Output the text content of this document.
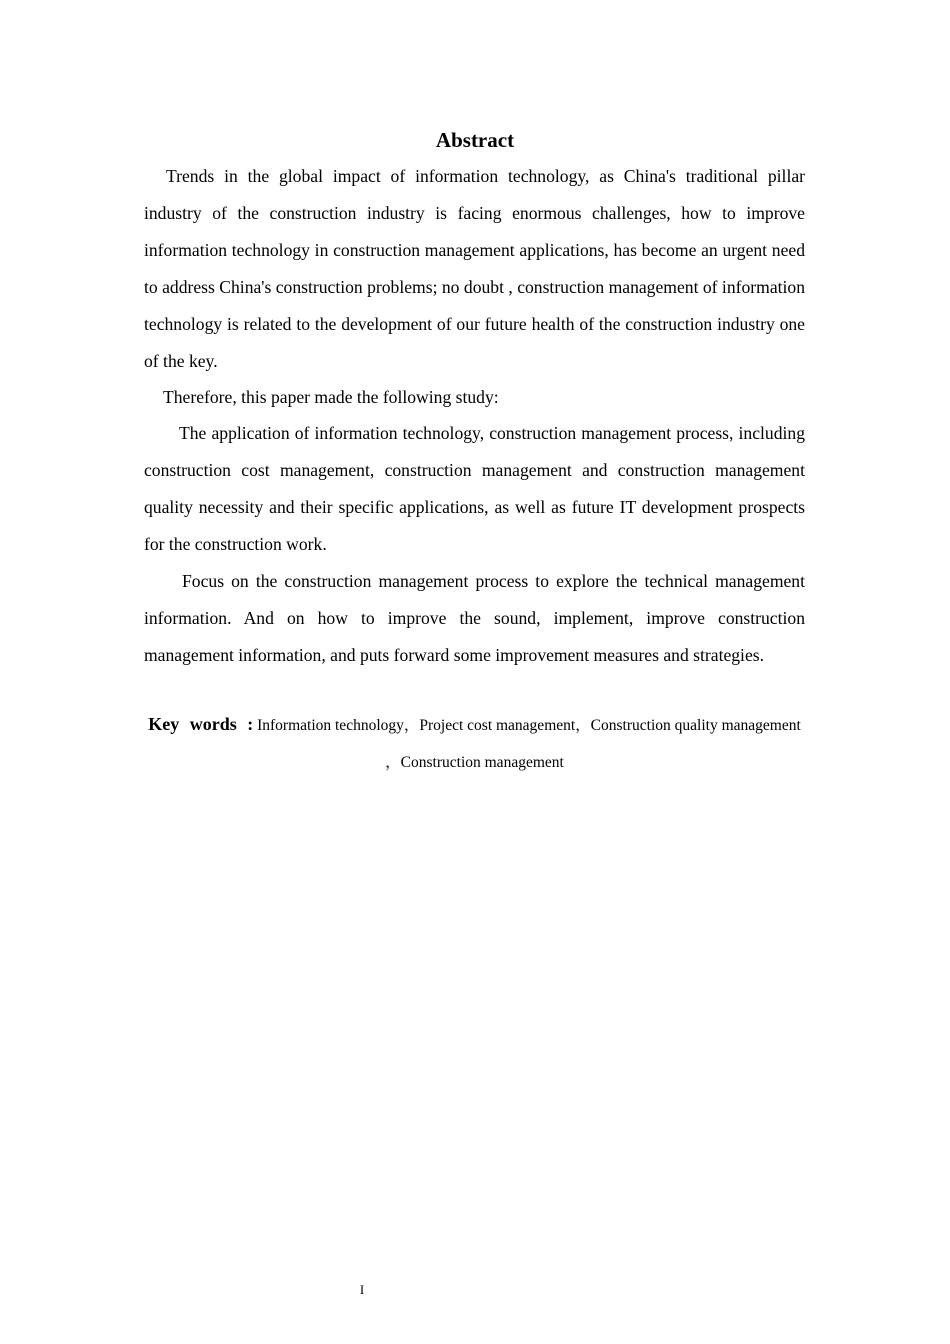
Abstract

Trends in the global impact of information technology, as China's traditional pillar industry of the construction industry is facing enormous challenges, how to improve information technology in construction management applications, has become an urgent need to address China's construction problems; no doubt , construction management of information technology is related to the development of our future health of the construction industry one of the key.

Therefore, this paper made the following study:

The application of information technology, construction management process, including construction cost management, construction management and construction management quality necessity and their specific applications, as well as future IT development prospects for the construction work.

Focus on the construction management process to explore the technical management information. And on how to improve the sound, implement, improve construction management information, and puts forward some improvement measures and strategies.

Key words : Information technology，Project cost management，Construction quality management ，Construction management
I
